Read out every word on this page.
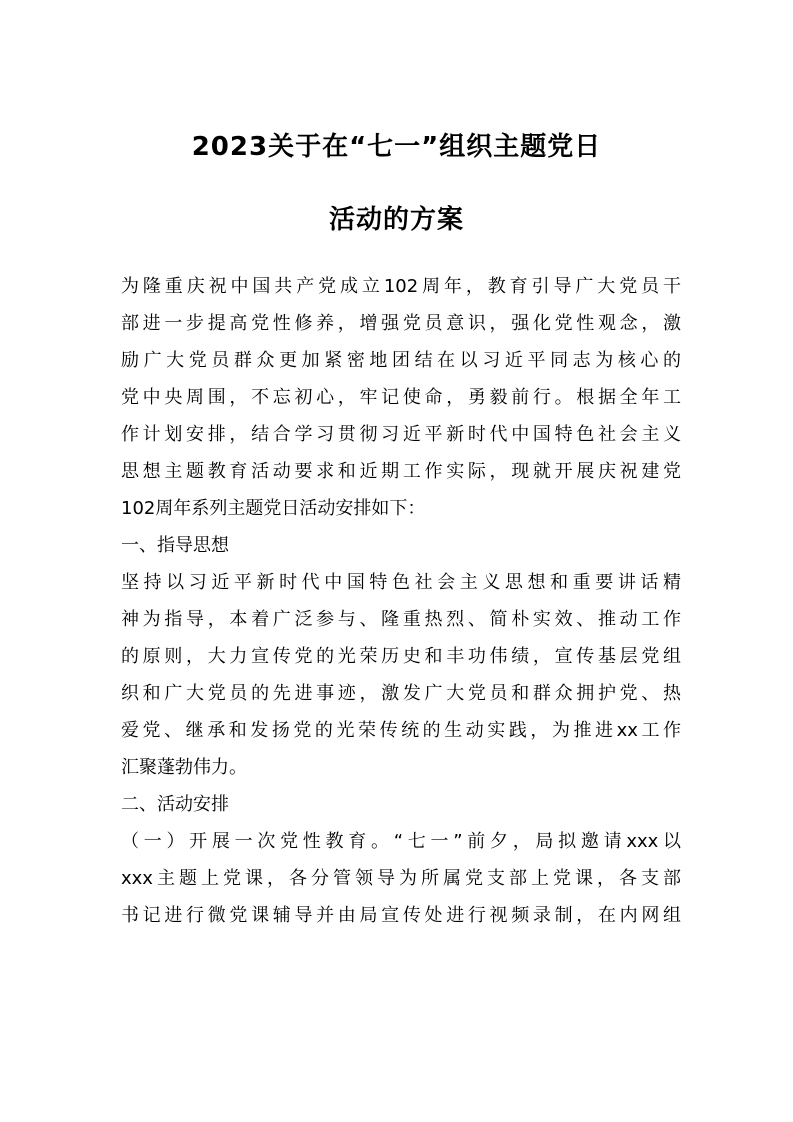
2023关于在“七一”组织主题党日
活动的方案
为隆重庆祝中国共产党成立102周年，教育引导广大党员干
部进一步提高党性修养，增强党员意识，强化党性观念，激
励广大党员群众更加紧密地团结在以习近平同志为核心的
党中央周围，不忘初心，牢记使命，勇毅前行。根据全年工
作计划安排，结合学习贯彻习近平新时代中国特色社会主义
思想主题教育活动要求和近期工作实际，现就开展庆祝建党
102周年系列主题党日活动安排如下：
一、指导思想
坚持以习近平新时代中国特色社会主义思想和重要讲话精
神为指导，本着广泛参与、隆重热烈、简朴实效、推动工作
的原则，大力宣传党的光荣历史和丰功伟绩，宣传基层党组
织和广大党员的先进事迹，激发广大党员和群众拥护党、热
爱党、继承和发扬党的光荣传统的生动实践，为推进xx工作
汇聚蓬勃伟力。
二、活动安排
（一）开展一次党性教育。“七一”前夕，局拟邀请xxx以
xxx主题上党课，各分管领导为所属党支部上党课，各支部
书记进行微党课辅导并由局宣传处进行视频录制，在内网组
